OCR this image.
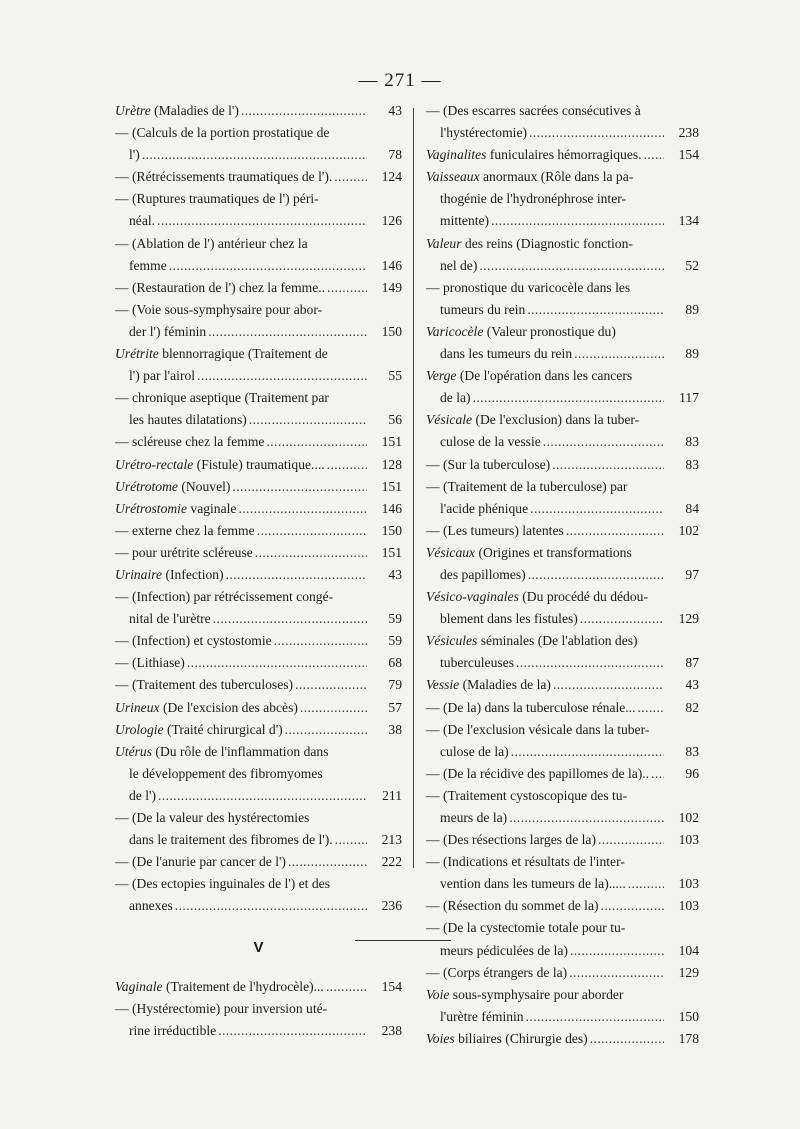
— 271 —
Urètre (Maladies de l') . . .	43
— (Calculs de la portion prostatique de
l') . . .	78
— (Rétrécissements traumatiques de l'). . . .	124
— (Ruptures traumatiques de l') péri-
néal. . . .	126
— (Ablation de l') antérieur chez la
femme . . .	146
— (Restauration de l') chez la femme.. . . .	149
— (Voie sous-symphysaire pour abor-
der l') féminin . . .	150
Urétrite blennorragique (Traitement de
l') par l'airol . . .	55
— chronique aseptique (Traitement par
les hautes dilatations) . . .	56
— scléreuse chez la femme . . .	151
Urétro-rectale (Fistule) traumatique.... . . .	128
Urétrotome (Nouvel) . . .	151
Urétrostomie vaginale . . .	146
— externe chez la femme . . .	150
— pour urétrite scléreuse . . .	151
Urinaire (Infection) . . .	43
— (Infection) par rétrécissement congé-
nital de l'urètre . . .	59
— (Infection) et cystostomie . . .	59
— (Lithiase) . . .	68
— (Traitement des tuberculoses) . . .	79
Urineux (De l'excision des abcès) . . .	57
Urologie (Traité chirurgical d') . . .	38
Utérus (Du rôle de l'inflammation dans
le développement des fibromyomes
de l') . . .	211
— (De la valeur des hystérectomies
dans le traitement des fibromes de l'). . . .	213
— (De l'anurie par cancer de l') . . .	222
— (Des ectopies inguinales de l') et des
annexes . . .	236
V
Vaginale (Traitement de l'hydrocèle)... . . .	154
— (Hystérectomie) pour inversion uté-
rine irréductible . . .	238
— (Des escarres sacrées consécutives à
l'hystérectomie) . . .	238
Vaginalites funiculaires hémorragiques. . . .	154
Vaisseaux anormaux (Rôle dans la pa-
thogénie de l'hydronéphrose inter-
mittente) . . .	134
Valeur des reins (Diagnostic fonction-
nel de) . . .	52
— pronostique du varicocèle dans les
tumeurs du rein . . .	89
Varicocèle (Valeur pronostique du)
dans les tumeurs du rein . . .	89
Verge (De l'opération dans les cancers
de la) . . .	117
Vésicale (De l'exclusion) dans la tuber-
culose de la vessie . . .	83
— (Sur la tuberculose) . . .	83
— (Traitement de la tuberculose) par
l'acide phénique . . .	84
— (Les tumeurs) latentes . . .	102
Vésicaux (Origines et transformations
des papillomes) . . .	97
Vésico-vaginales (Du procédé du dédou-
blement dans les fistules) . . .	129
Vésicules séminales (De l'ablation des)
tuberculeuses . . .	87
Vessie (Maladies de la) . . .	43
— (De la) dans la tuberculose rénale... . . .	82
— (De l'exclusion vésicale dans la tuber-
culose de la) . . .	83
— (De la récidive des papillomes de la).. . . .	96
— (Traitement cystoscopique des tu-
meurs de la) . . .	102
— (Des résections larges de la) . . .	103
— (Indications et résultats de l'inter-
vention dans les tumeurs de la)..... . . .	103
— (Résection du sommet de la) . . .	103
— (De la cystectomie totale pour tu-
meurs pédiculées de la) . . .	104
— (Corps étrangers de la) . . .	129
Voie sous-symphysaire pour aborder
l'urètre féminin . . .	150
Voies biliaires (Chirurgie des) . . .	178
